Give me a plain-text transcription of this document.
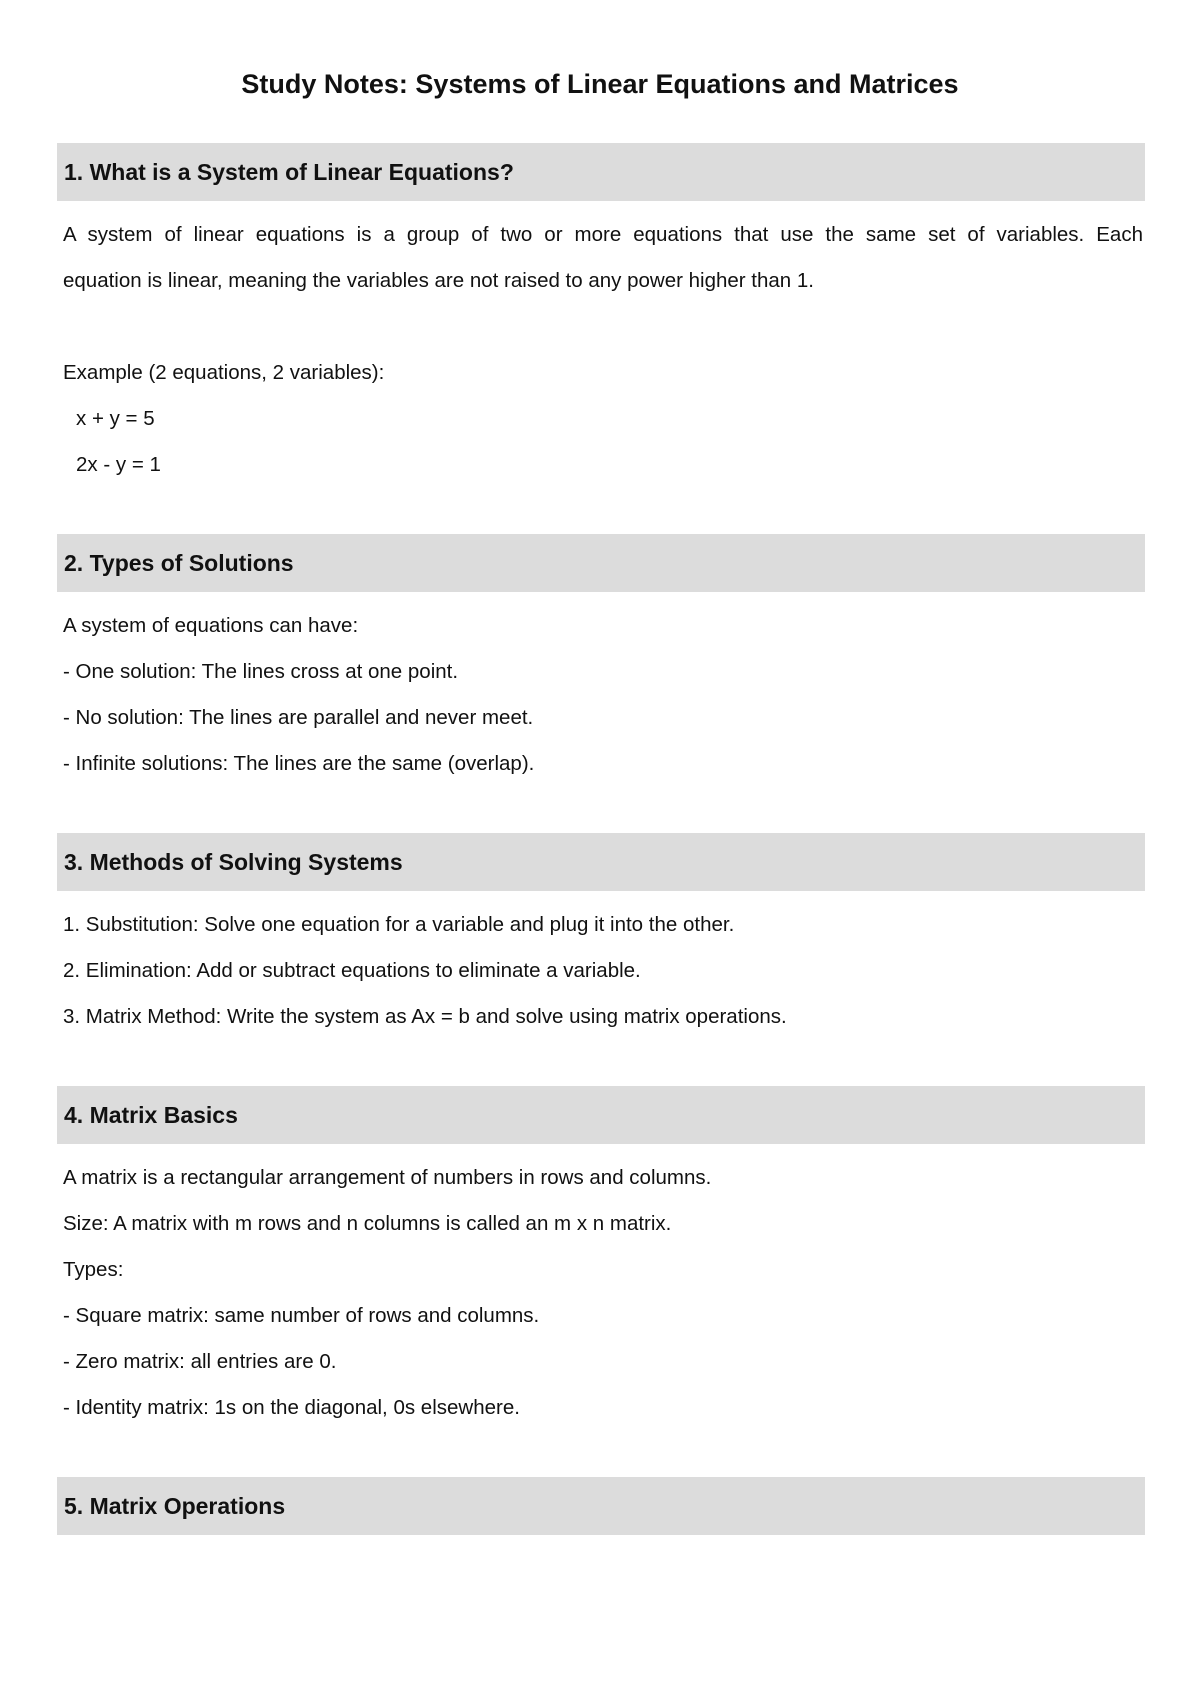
Study Notes: Systems of Linear Equations and Matrices
1. What is a System of Linear Equations?
A system of linear equations is a group of two or more equations that use the same set of variables. Each
equation is linear, meaning the variables are not raised to any power higher than 1.
Example (2 equations, 2 variables):
x + y = 5
2x - y = 1
2. Types of Solutions
A system of equations can have:
- One solution: The lines cross at one point.
- No solution: The lines are parallel and never meet.
- Infinite solutions: The lines are the same (overlap).
3. Methods of Solving Systems
1. Substitution: Solve one equation for a variable and plug it into the other.
2. Elimination: Add or subtract equations to eliminate a variable.
3. Matrix Method: Write the system as Ax = b and solve using matrix operations.
4. Matrix Basics
A matrix is a rectangular arrangement of numbers in rows and columns.
Size: A matrix with m rows and n columns is called an m x n matrix.
Types:
- Square matrix: same number of rows and columns.
- Zero matrix: all entries are 0.
- Identity matrix: 1s on the diagonal, 0s elsewhere.
5. Matrix Operations
